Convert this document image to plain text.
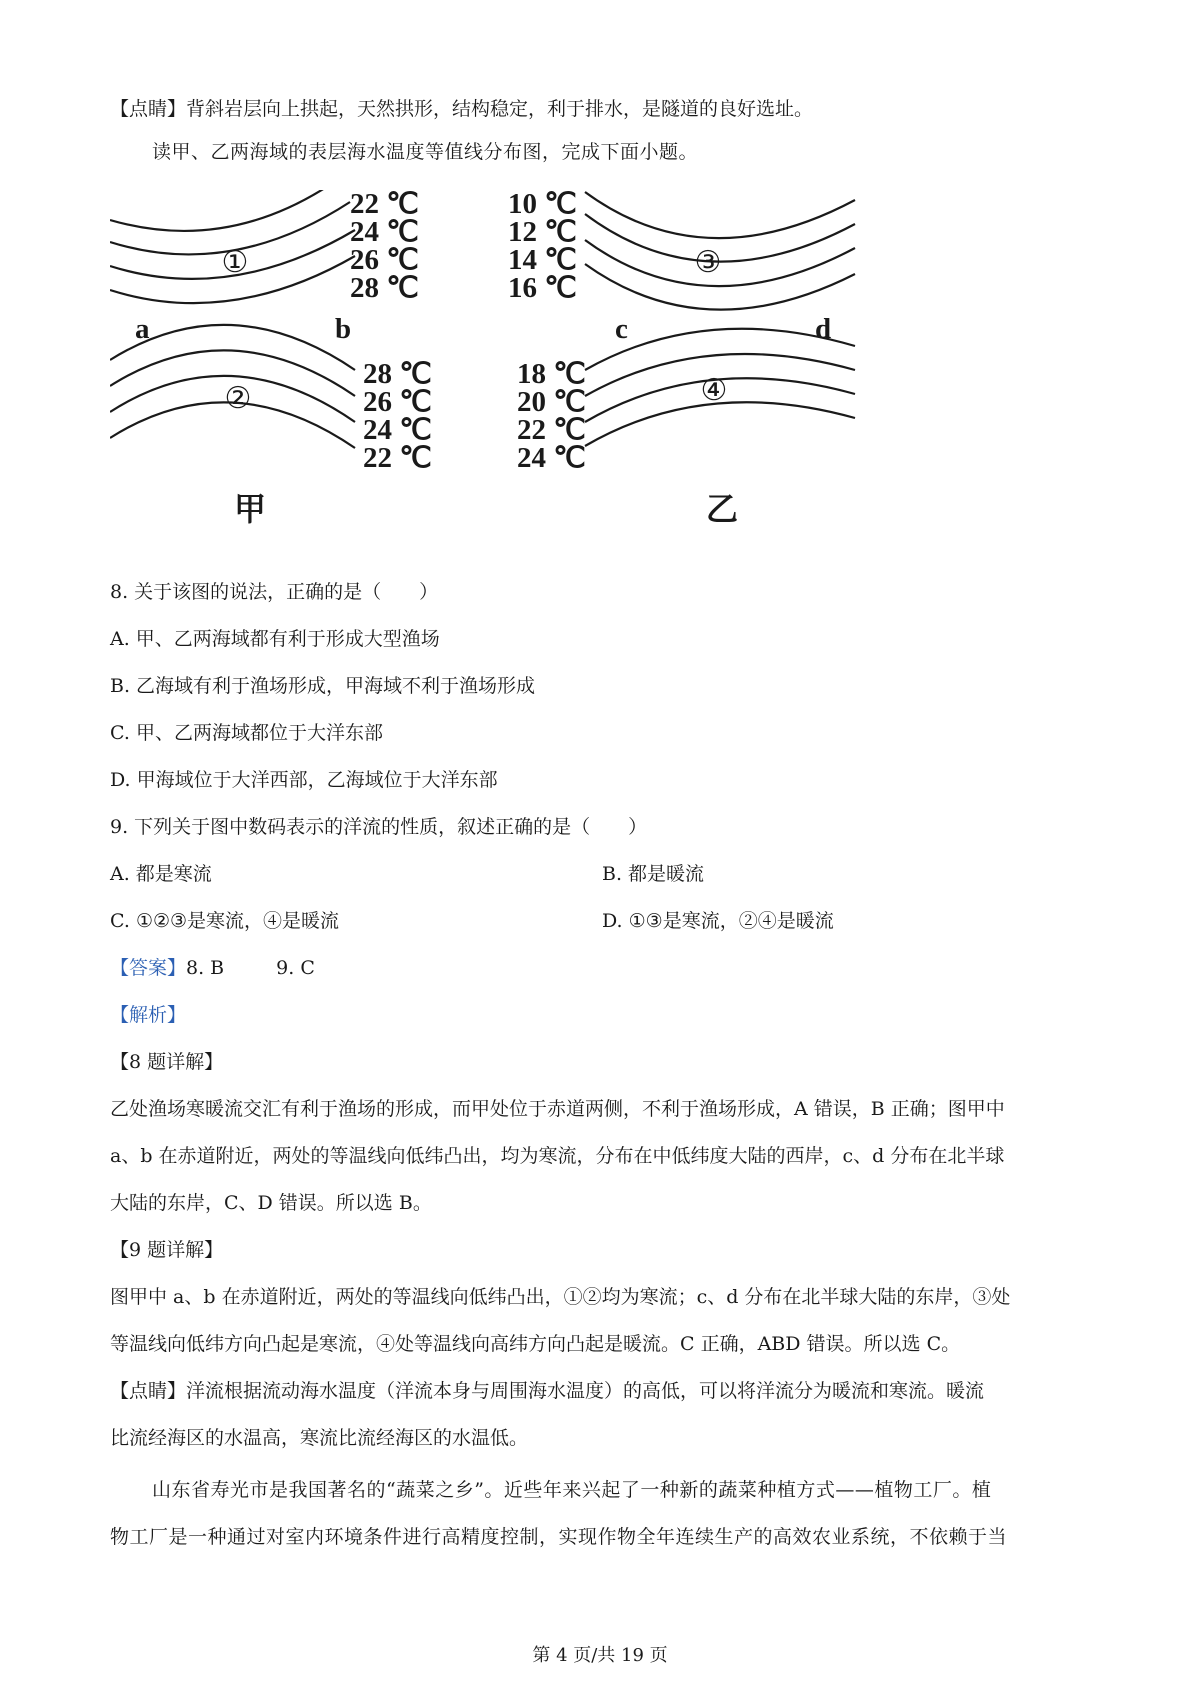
【点睛】背斜岩层向上拱起，天然拱形，结构稳定，利于排水，是隧道的良好选址。
读甲、乙两海域的表层海水温度等值线分布图，完成下面小题。
22 ℃
24 ℃
26 ℃
28 ℃
28 ℃
26 ℃
24 ℃
22 ℃
10 ℃
12 ℃
14 ℃
16 ℃
18 ℃
20 ℃
22 ℃
24 ℃
a	b	c	d
①
②
③
④
甲	乙
8. 关于该图的说法，正确的是（　　）
A. 甲、乙两海域都有利于形成大型渔场
B. 乙海域有利于渔场形成，甲海域不利于渔场形成
C. 甲、乙两海域都位于大洋东部
D. 甲海域位于大洋西部，乙海域位于大洋东部
9. 下列关于图中数码表示的洋流的性质，叙述正确的是（　　）
A. 都是寒流	B. 都是暖流
C. ①②③是寒流，④是暖流	D. ①③是寒流，②④是暖流
【答案】8. B	9. C
【解析】
【8 题详解】
乙处渔场寒暖流交汇有利于渔场的形成，而甲处位于赤道两侧，不利于渔场形成，A 错误，B 正确；图甲中
a、b 在赤道附近，两处的等温线向低纬凸出，均为寒流，分布在中低纬度大陆的西岸，c、d 分布在北半球
大陆的东岸，C、D 错误。所以选 B。
【9 题详解】
图甲中 a、b 在赤道附近，两处的等温线向低纬凸出，①②均为寒流；c、d 分布在北半球大陆的东岸，③处
等温线向低纬方向凸起是寒流，④处等温线向高纬方向凸起是暖流。C 正确，ABD 错误。所以选 C。
【点睛】洋流根据流动海水温度（洋流本身与周围海水温度）的高低，可以将洋流分为暖流和寒流。暖流
比流经海区的水温高，寒流比流经海区的水温低。
山东省寿光市是我国著名的“蔬菜之乡”。近些年来兴起了一种新的蔬菜种植方式——植物工厂。植
物工厂是一种通过对室内环境条件进行高精度控制，实现作物全年连续生产的高效农业系统，不依赖于当
第 4 页/共 19 页
